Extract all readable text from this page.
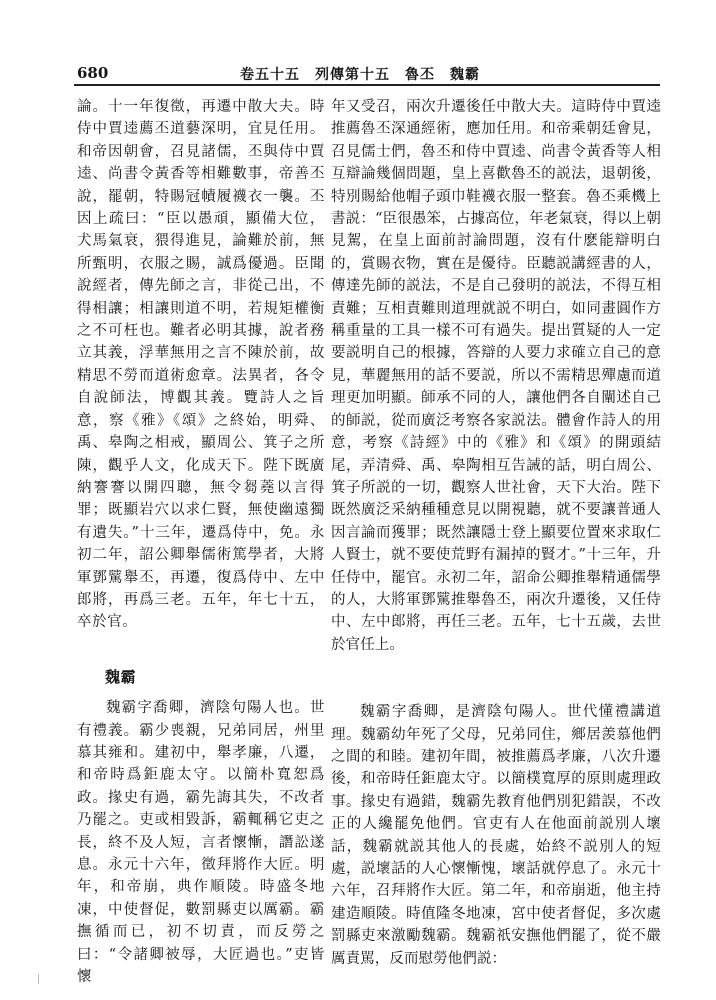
680	卷五十五　列傳第十五　魯丕　魏霸

論。十一年復徵，再遷中散大夫。時侍中賈逵薦丕道藝深明，宜見任用。和帝因朝會，召見諸儒，丕與侍中賈逵、尚書令黃香等相難數事，帝善丕說，罷朝，特賜冠幘履襪衣一襲。丕因上疏曰：“臣以愚頑，顯備大位，犬馬氣衰，猥得進見，論難於前，無所甄明，衣服之賜，誠爲優過。臣聞說經者，傳先師之言，非從己出，不得相讓；相讓則道不明，若規矩權衡之不可枉也。難者必明其據，說者務立其義，浮華無用之言不陳於前，故精思不勞而道術愈章。法異者，各令自說師法，博觀其義。覽詩人之旨意，察《雅》《頌》之終始，明舜、禹、皋陶之相戒，顯周公、箕子之所陳，觀乎人文，化成天下。陛下既廣納謇謇以開四聰，無令芻蕘以言得罪；既顯岩穴以求仁賢，無使幽遠獨有遺失。”十三年，遷爲侍中，免。永初二年，詔公卿舉儒術篤學者，大將軍鄧騭舉丕，再遷，復爲侍中、左中郎將，再爲三老。五年，年七十五，卒於官。

魏霸

魏霸字喬卿，濟陰句陽人也。世有禮義。霸少喪親，兄弟同居，州里慕其雍和。建初中，舉孝廉，八遷，和帝時爲鉅鹿太守。以簡朴寬恕爲政。掾史有過，霸先誨其失，不改者乃罷之。吏或相毀訴，霸輒稱它吏之長，終不及人短，言者懷慚，譖訟遂息。永元十六年，徵拜將作大匠。明年，和帝崩，典作順陵。時盛冬地凍，中使督促，數罰縣吏以厲霸。霸撫循而已，初不切責，而反勞之曰：“令諸卿被辱，大匠過也。”吏皆懷

年又受召，兩次升遷後任中散大夫。這時侍中賈逵推薦魯丕深通經術，應加任用。和帝乘朝廷會見，召見儒士們，魯丕和侍中賈逵、尚書令黃香等人相互辯論幾個問題，皇上喜歡魯丕的説法，退朝後，特別賜給他帽子頭巾鞋襪衣服一整套。魯丕乘機上書説：“臣很愚笨，占據高位，年老氣衰，得以上朝見駕，在皇上面前討論問題，沒有什麽能辯明白的，賞賜衣物，實在是優待。臣聽説講經書的人，傳達先師的説法，不是自己發明的説法，不得互相責難；互相責難則道理就説不明白，如同畫圓作方稱重量的工具一樣不可有過失。提出質疑的人一定要説明自己的根據，答辯的人要力求確立自己的意見，華麗無用的話不要説，所以不需精思殫慮而道理更加明顯。師承不同的人，讓他們各自闡述自己的師説，從而廣泛考察各家説法。體會作詩人的用意，考察《詩經》中的《雅》和《頌》的開頭結尾，弄清舜、禹、皋陶相互告誡的話，明白周公、箕子所説的一切，觀察人世社會，天下大治。陛下既然廣泛采納種種意見以開視聽，就不要讓普通人因言論而獲罪；既然讓隱士登上顯要位置來求取仁人賢士，就不要使荒野有漏掉的賢才。”十三年，升任侍中，罷官。永初二年，詔命公卿推舉精通儒學的人，大將軍鄧騭推舉魯丕，兩次升遷後，又任侍中、左中郎將，再任三老。五年，七十五歲，去世於官任上。

魏霸字喬卿，是濟陰句陽人。世代懂禮講道理。魏霸幼年死了父母，兄弟同住，鄉居羨慕他們之間的和睦。建初年間，被推薦爲孝廉，八次升遷後，和帝時任鉅鹿太守。以簡樸寬厚的原則處理政事。掾史有過錯，魏霸先教育他們別犯錯誤，不改正的人纔罷免他們。官吏有人在他面前説別人壞話，魏霸就説其他人的長處，始終不説別人的短處，説壞話的人心懷慚愧，壞話就停息了。永元十六年，召拜將作大匠。第二年，和帝崩逝，他主持建造順陵。時值隆冬地凍，宮中使者督促，多次處罰縣吏來激勵魏霸。魏霸祇安撫他們罷了，從不嚴厲責駡，反而慰勞他們説：
